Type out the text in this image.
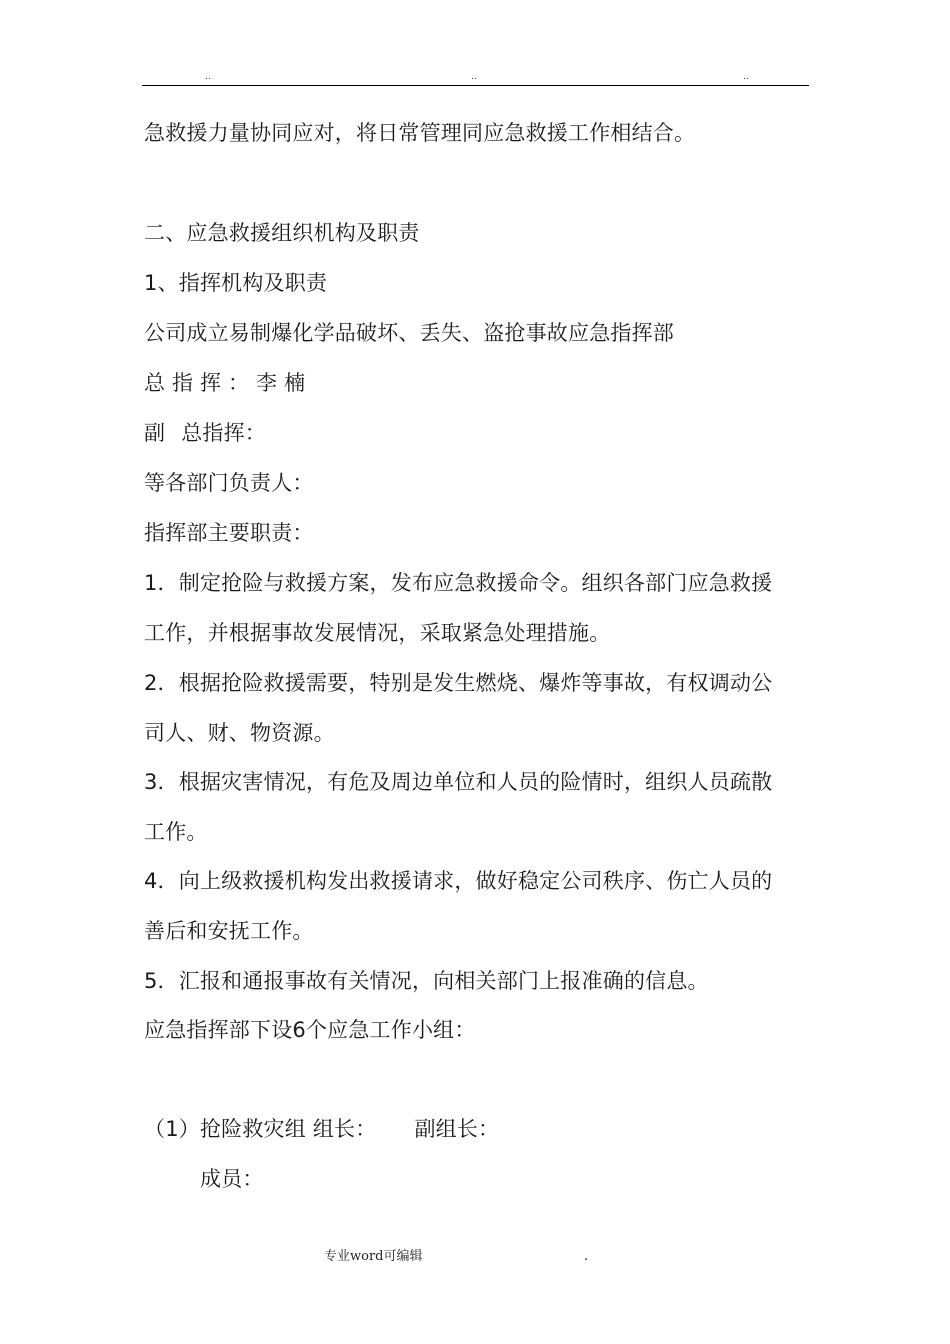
..	..	..
急救援力量协同应对，将日常管理同应急救援工作相结合。
二、应急救援组织机构及职责
1、指挥机构及职责
公司成立易制爆化学品破坏、丢失、盗抢事故应急指挥部
总指挥：李 楠
副 总指挥：
等各部门负责人：
指挥部主要职责：
1．制定抢险与救援方案，发布应急救援命令。组织各部门应急救援
工作，并根据事故发展情况，采取紧急处理措施。
2．根据抢险救援需要，特别是发生燃烧、爆炸等事故，有权调动公
司人、财、物资源。
3．根据灾害情况，有危及周边单位和人员的险情时，组织人员疏散
工作。
4．向上级救援机构发出救援请求，做好稳定公司秩序、伤亡人员的
善后和安抚工作。
5．汇报和通报事故有关情况，向相关部门上报准确的信息。
应急指挥部下设6个应急工作小组：
（1）抢险救灾组 组长： 副组长：
成员：
专业word可编辑	.
